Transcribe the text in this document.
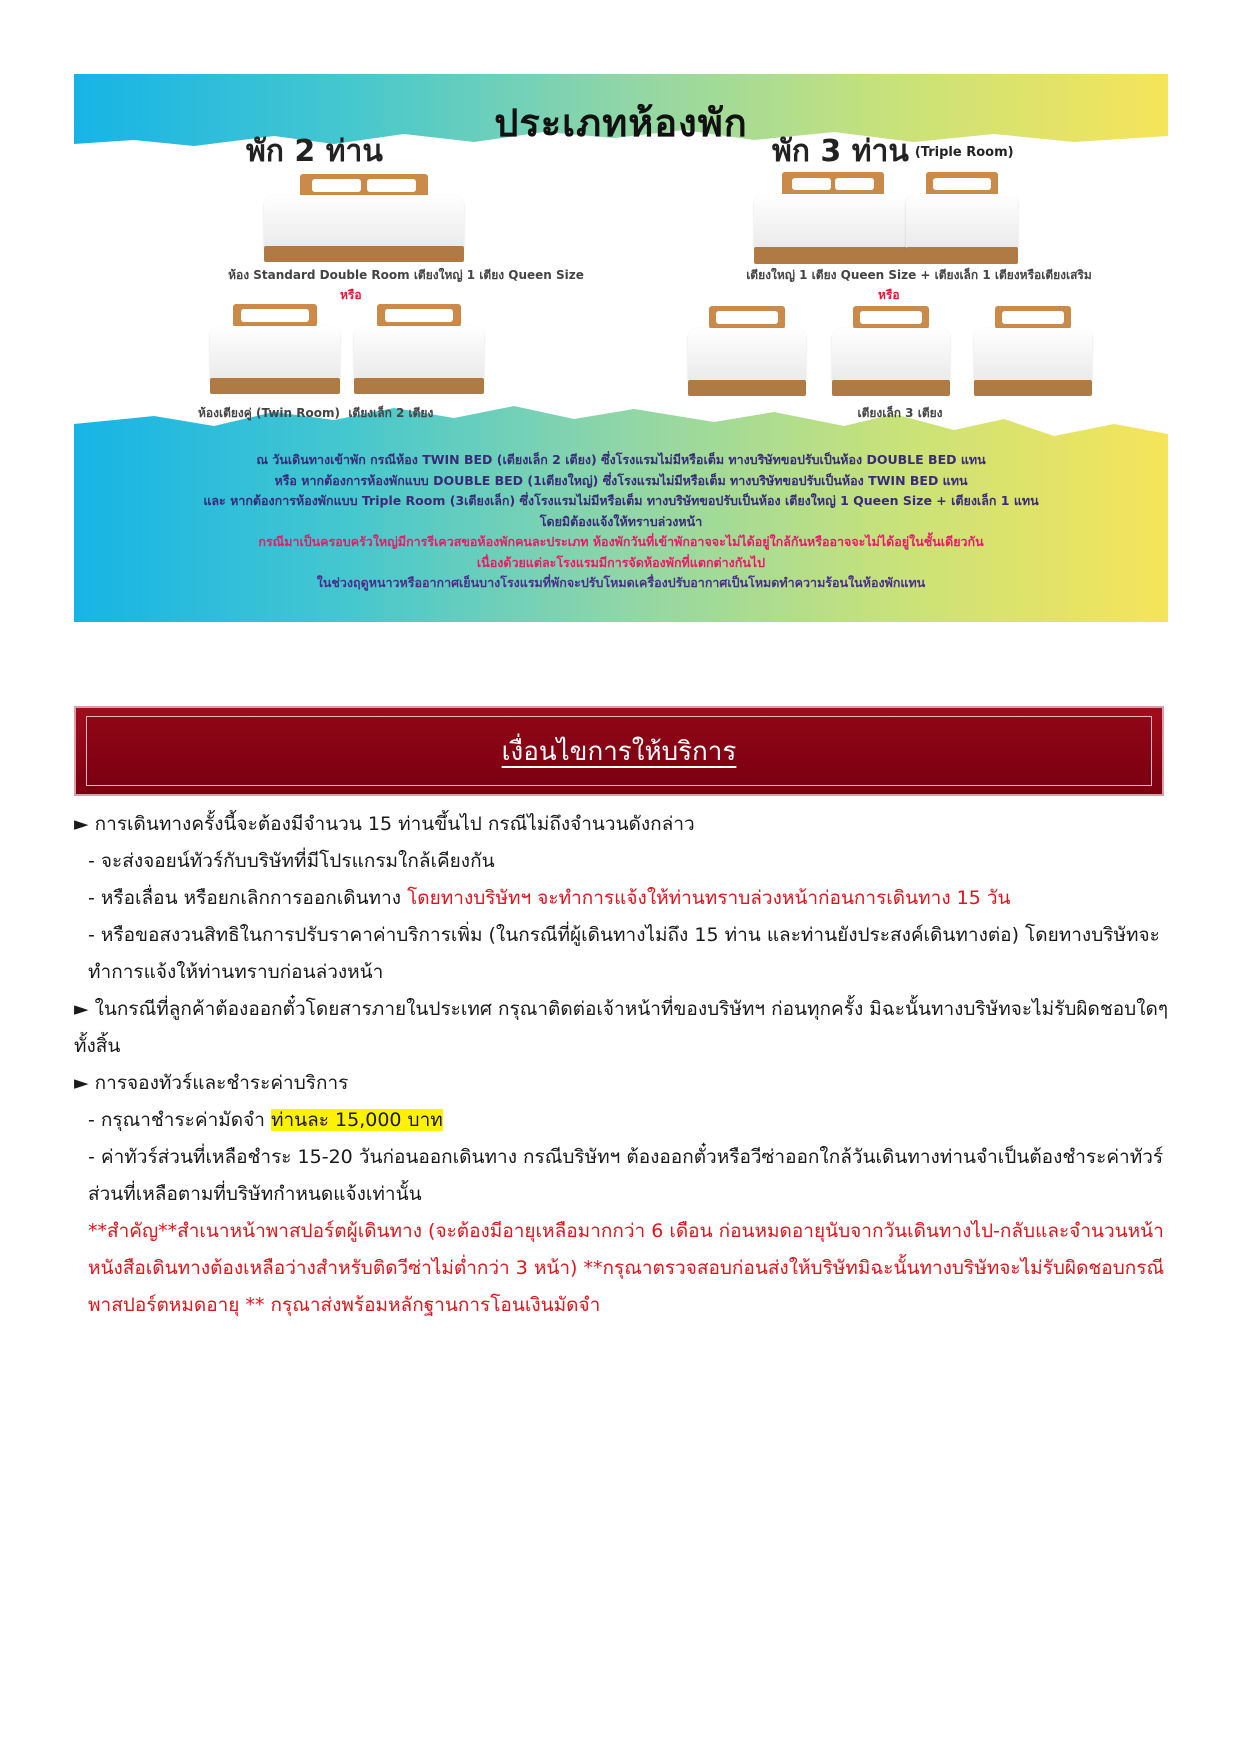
ประเภทห้องพัก
พัก 2 ท่าน	พัก 3 ท่าน (Triple Room)
ห้อง Standard Double Room เตียงใหญ่ 1 เตียง Queen Size
หรือ
ห้องเตียงคู่ (Twin Room) เตียงเล็ก 2 เตียง
เตียงใหญ่ 1 เตียง Queen Size + เตียงเล็ก 1 เตียงหรือเตียงเสริม
หรือ
เตียงเล็ก 3 เตียง
ณ วันเดินทางเข้าพัก กรณีห้อง TWIN BED (เตียงเล็ก 2 เตียง) ซึ่งโรงแรมไม่มีหรือเต็ม ทางบริษัทขอปรับเป็นห้อง DOUBLE BED แทน
หรือ หากต้องการห้องพักแบบ DOUBLE BED (1เตียงใหญ่) ซึ่งโรงแรมไม่มีหรือเต็ม ทางบริษัทขอปรับเป็นห้อง TWIN BED แทน
และ หากต้องการห้องพักแบบ Triple Room (3เตียงเล็ก) ซึ่งโรงแรมไม่มีหรือเต็ม ทางบริษัทขอปรับเป็นห้อง เตียงใหญ่ 1 Queen Size + เตียงเล็ก 1 แทน
โดยมิต้องแจ้งให้ทราบล่วงหน้า
กรณีมาเป็นครอบครัวใหญ่มีการรีเควสขอห้องพักคนละประเภท ห้องพักวันที่เข้าพักอาจจะไม่ได้อยู่ใกล้กันหรืออาจจะไม่ได้อยู่ในชั้นเดียวกัน
เนื่องด้วยแต่ละโรงแรมมีการจัดห้องพักที่แตกต่างกันไป
ในช่วงฤดูหนาวหรืออากาศเย็นบางโรงแรมที่พักจะปรับโหมดเครื่องปรับอากาศเป็นโหมดทำความร้อนในห้องพักแทน
เงื่อนไขการให้บริการ

► การเดินทางครั้งนี้จะต้องมีจำนวน 15 ท่านขึ้นไป กรณีไม่ถึงจำนวนดังกล่าว

- จะส่งจอยน์ทัวร์กับบริษัทที่มีโปรแกรมใกล้เคียงกัน

- หรือเลื่อน หรือยกเลิกการออกเดินทาง โดยทางบริษัทฯ จะทำการแจ้งให้ท่านทราบล่วงหน้าก่อนการเดินทาง 15 วัน

- หรือขอสงวนสิทธิในการปรับราคาค่าบริการเพิ่ม (ในกรณีที่ผู้เดินทางไม่ถึง 15 ท่าน และท่านยังประสงค์เดินทางต่อ) โดยทางบริษัทจะทำการแจ้งให้ท่านทราบก่อนล่วงหน้า

► ในกรณีที่ลูกค้าต้องออกตั๋วโดยสารภายในประเทศ กรุณาติดต่อเจ้าหน้าที่ของบริษัทฯ ก่อนทุกครั้ง มิฉะนั้นทางบริษัทจะไม่รับผิดชอบใดๆ ทั้งสิ้น

► การจองทัวร์และชำระค่าบริการ

- กรุณาชำระค่ามัดจำ ท่านละ 15,000 บาท

- ค่าทัวร์ส่วนที่เหลือชำระ 15-20 วันก่อนออกเดินทาง กรณีบริษัทฯ ต้องออกตั๋วหรือวีซ่าออกใกล้วันเดินทางท่านจำเป็นต้องชำระค่าทัวร์ส่วนที่เหลือตามที่บริษัทกำหนดแจ้งเท่านั้น

**สำคัญ**สำเนาหน้าพาสปอร์ตผู้เดินทาง (จะต้องมีอายุเหลือมากกว่า 6 เดือน ก่อนหมดอายุนับจากวันเดินทางไป-กลับและจำนวนหน้าหนังสือเดินทางต้องเหลือว่างสำหรับติดวีซ่าไม่ต่ำกว่า 3 หน้า) **กรุณาตรวจสอบก่อนส่งให้บริษัทมิฉะนั้นทางบริษัทจะไม่รับผิดชอบกรณีพาสปอร์ตหมดอายุ ** กรุณาส่งพร้อมหลักฐานการโอนเงินมัดจำ
